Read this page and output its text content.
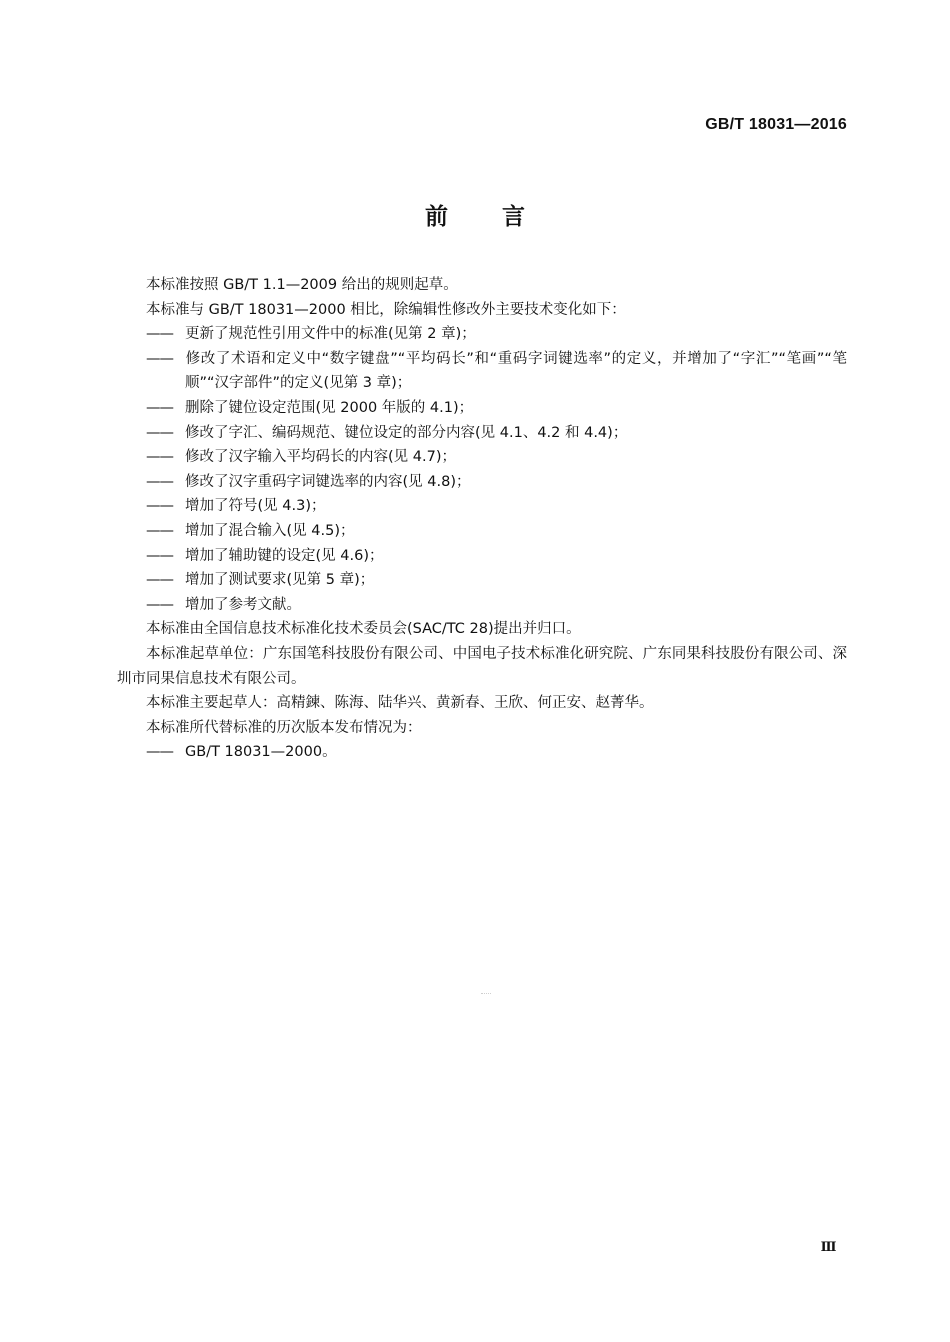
GB/T 18031—2016
前言

本标准按照 GB/T 1.1—2009 给出的规则起草。

本标准与 GB/T 18031—2000 相比，除编辑性修改外主要技术变化如下：

—— 更新了规范性引用文件中的标准(见第 2 章)；

—— 修改了术语和定义中“数字键盘”“平均码长”和“重码字词键选率”的定义，并增加了“字汇”“笔画”“笔顺”“汉字部件”的定义(见第 3 章)；

—— 删除了键位设定范围(见 2000 年版的 4.1)；

—— 修改了字汇、编码规范、键位设定的部分内容(见 4.1、4.2 和 4.4)；

—— 修改了汉字输入平均码长的内容(见 4.7)；

—— 修改了汉字重码字词键选率的内容(见 4.8)；

—— 增加了符号(见 4.3)；

—— 增加了混合输入(见 4.5)；

—— 增加了辅助键的设定(见 4.6)；

—— 增加了测试要求(见第 5 章)；

—— 增加了参考文献。

本标准由全国信息技术标准化技术委员会(SAC/TC 28)提出并归口。

本标准起草单位：广东国笔科技股份有限公司、中国电子技术标准化研究院、广东同果科技股份有限公司、深圳市同果信息技术有限公司。

本标准主要起草人：高精鍊、陈海、陆华兴、黄新春、王欣、何正安、赵菁华。

本标准所代替标准的历次版本发布情况为：

—— GB/T 18031—2000。

Ⅲ
